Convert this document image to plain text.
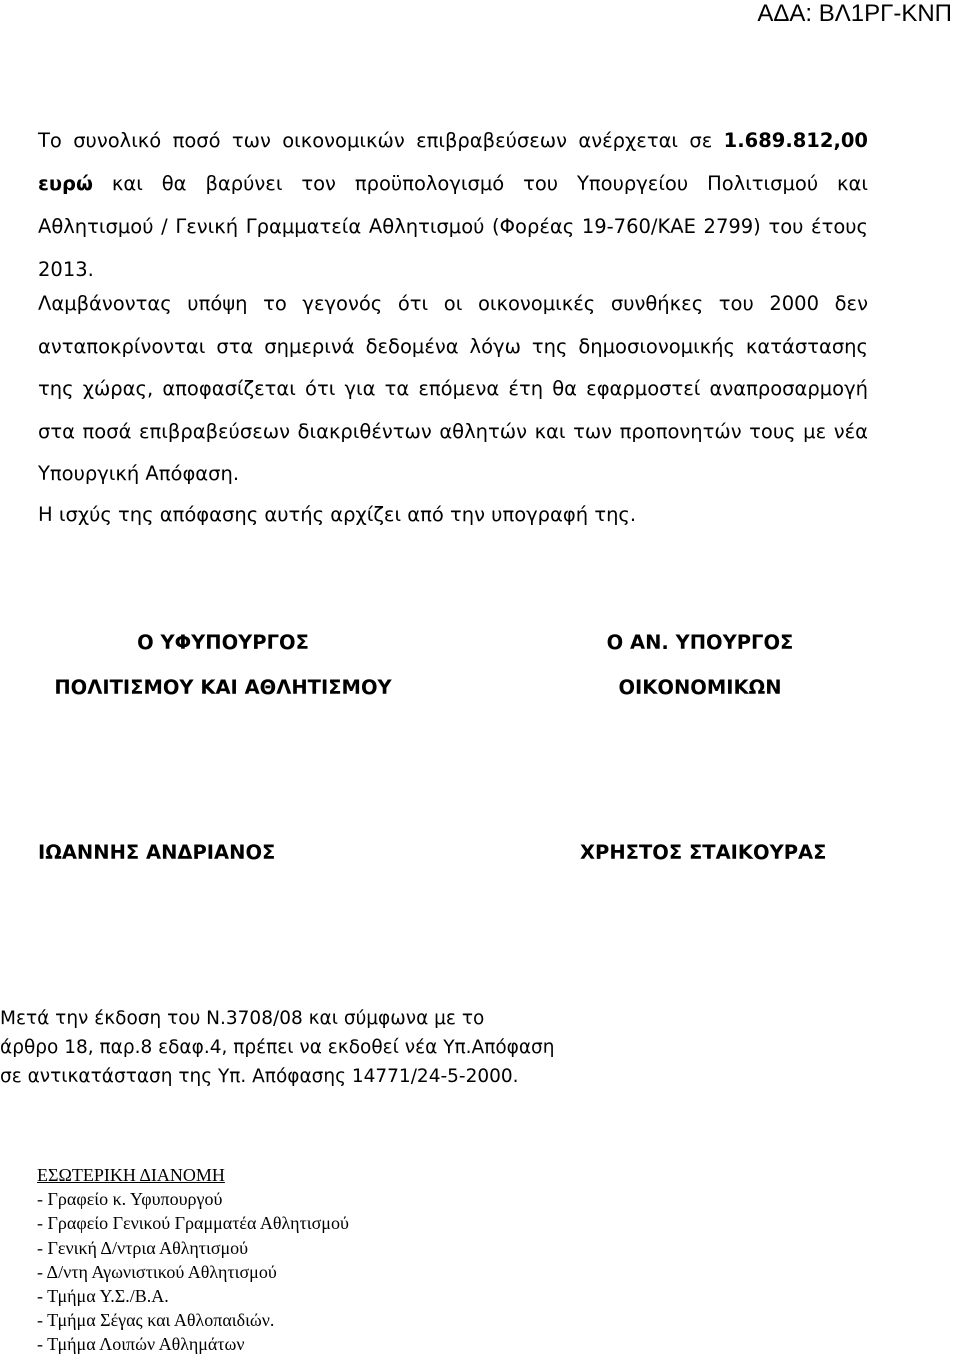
ΑΔΑ: ΒΛ1ΡΓ-ΚΝΠ
Το συνολικό ποσό των οικονομικών επιβραβεύσεων ανέρχεται σε 1.689.812,00 ευρώ και θα βαρύνει τον προϋπολογισμό του Υπουργείου Πολιτισμού και Αθλητισμού / Γενική Γραμματεία Αθλητισμού (Φορέας 19-760/ΚΑΕ 2799) του έτους 2013.
Λαμβάνοντας υπόψη το γεγονός ότι οι οικονομικές συνθήκες του 2000 δεν ανταποκρίνονται στα σημερινά δεδομένα λόγω της δημοσιονομικής κατάστασης της χώρας, αποφασίζεται ότι για τα επόμενα έτη θα εφαρμοστεί αναπροσαρμογή στα ποσά επιβραβεύσεων διακριθέντων αθλητών και των προπονητών τους με νέα Υπουργική Απόφαση.
Η ισχύς της απόφασης αυτής αρχίζει από την υπογραφή της.
Ο ΥΦΥΠΟΥΡΓΟΣ
ΠΟΛΙΤΙΣΜΟΥ ΚΑΙ ΑΘΛΗΤΙΣΜΟΥ
Ο ΑΝ. ΥΠΟΥΡΓΟΣ
ΟΙΚΟΝΟΜΙΚΩΝ
ΙΩΑΝΝΗΣ ΑΝΔΡΙΑΝΟΣ	ΧΡΗΣΤΟΣ ΣΤΑΙΚΟΥΡΑΣ
Μετά την έκδοση του Ν.3708/08 και σύμφωνα με το
άρθρο 18, παρ.8 εδαφ.4, πρέπει να εκδοθεί νέα Υπ.Απόφαση
σε αντικατάσταση της Υπ. Απόφασης 14771/24-5-2000.
ΕΣΩΤΕΡΙΚΗ ΔΙΑΝΟΜΗ
- Γραφείο κ. Υφυπουργού
- Γραφείο Γενικού Γραμματέα Αθλητισμού
- Γενική Δ/ντρια Αθλητισμού
- Δ/ντη Αγωνιστικού Αθλητισμού
- Τμήμα Υ.Σ./Β.Α.
- Τμήμα Σέγας και Αθλοπαιδιών.
- Τμήμα Λοιπών Αθλημάτων
